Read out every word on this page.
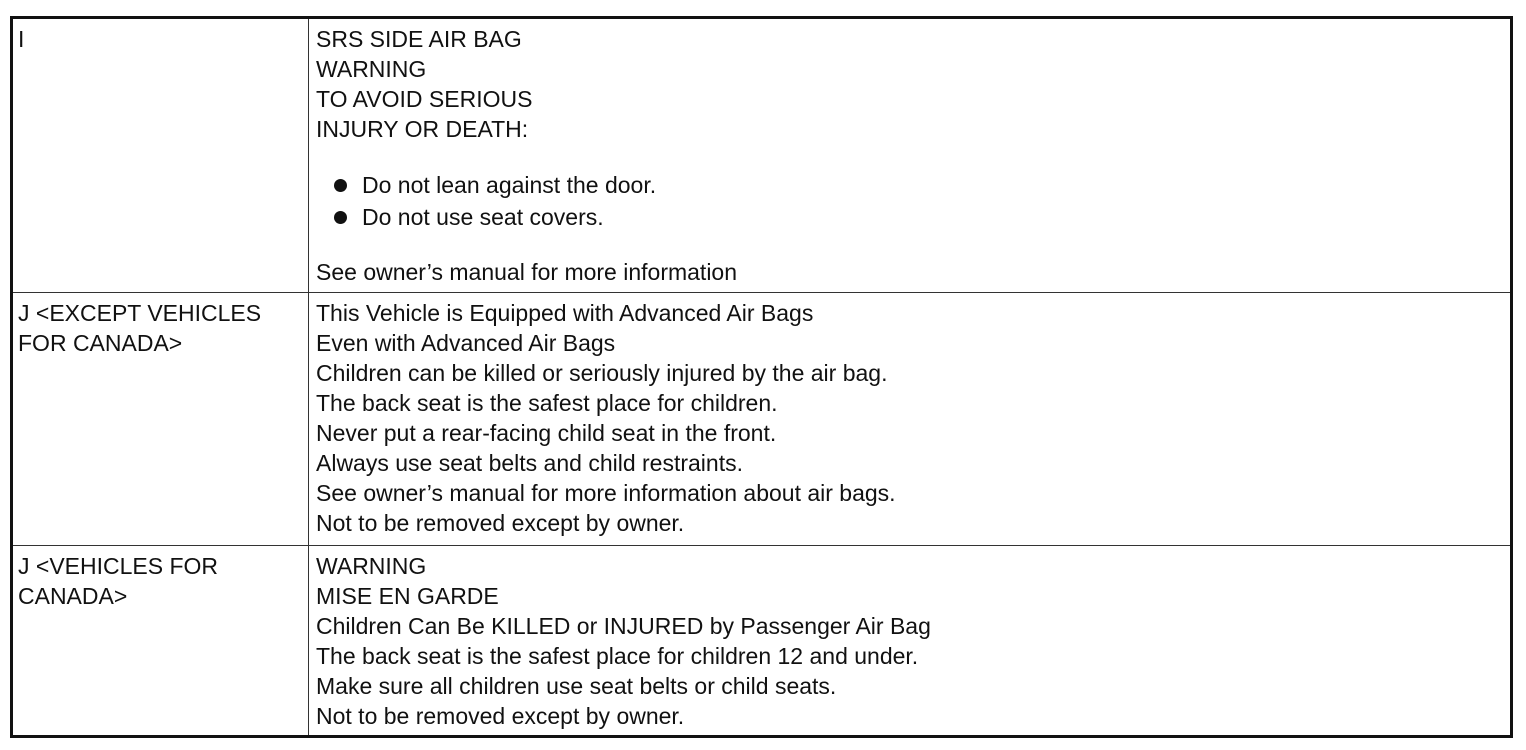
I	SRS SIDE AIR BAG
WARNING
TO AVOID SERIOUS
INJURY OR DEATH:
Do not lean against the door.
Do not use seat covers.
See owner’s manual for more information
J <EXCEPT VEHICLES
FOR CANADA>
This Vehicle is Equipped with Advanced Air Bags
Even with Advanced Air Bags
Children can be killed or seriously injured by the air bag.
The back seat is the safest place for children.
Never put a rear-facing child seat in the front.
Always use seat belts and child restraints.
See owner’s manual for more information about air bags.
Not to be removed except by owner.
J <VEHICLES FOR
CANADA>
WARNING
MISE EN GARDE
Children Can Be KILLED or INJURED by Passenger Air Bag
The back seat is the safest place for children 12 and under.
Make sure all children use seat belts or child seats.
Not to be removed except by owner.
